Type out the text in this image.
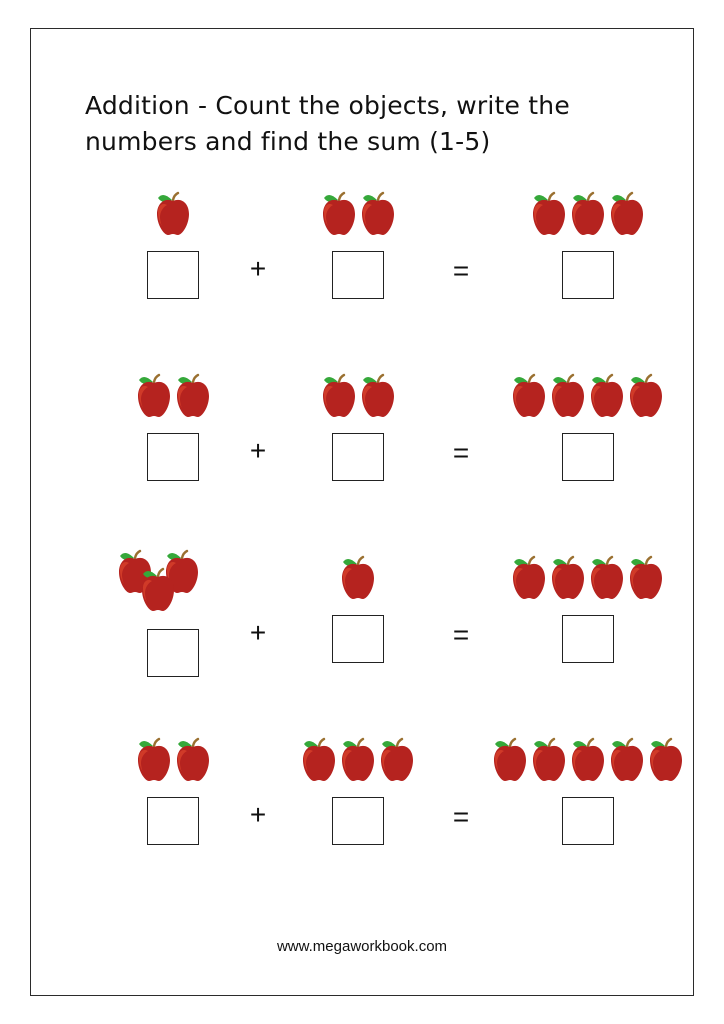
Addition - Count the objects, write the numbers and find the sum (1-5)
+	=
+	=
+	=
+	=
www.megaworkbook.com
